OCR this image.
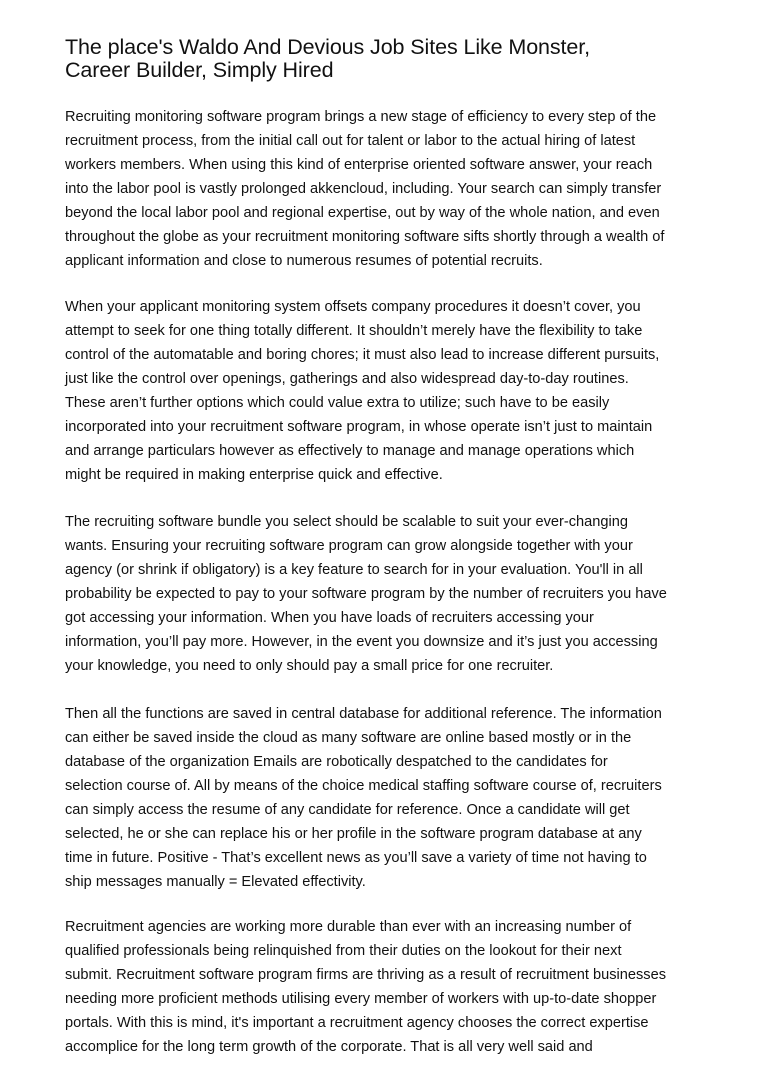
The place's Waldo And Devious Job Sites Like Monster,
Career Builder, Simply Hired

Recruiting monitoring software program brings a new stage of efficiency to every step of the
recruitment process, from the initial call out for talent or labor to the actual hiring of latest
workers members. When using this kind of enterprise oriented software answer, your reach
into the labor pool is vastly prolonged akkencloud, including. Your search can simply transfer
beyond the local labor pool and regional expertise, out by way of the whole nation, and even
throughout the globe as your recruitment monitoring software sifts shortly through a wealth of
applicant information and close to numerous resumes of potential recruits.

When your applicant monitoring system offsets company procedures it doesn’t cover, you
attempt to seek for one thing totally different. It shouldn’t merely have the flexibility to take
control of the automatable and boring chores; it must also lead to increase different pursuits,
just like the control over openings, gatherings and also widespread day-to-day routines.
These aren’t further options which could value extra to utilize; such have to be easily
incorporated into your recruitment software program, in whose operate isn’t just to maintain
and arrange particulars however as effectively to manage and manage operations which
might be required in making enterprise quick and effective.

The recruiting software bundle you select should be scalable to suit your ever-changing
wants. Ensuring your recruiting software program can grow alongside together with your
agency (or shrink if obligatory) is a key feature to search for in your evaluation. You'll in all
probability be expected to pay to your software program by the number of recruiters you have
got accessing your information. When you have loads of recruiters accessing your
information, you’ll pay more. However, in the event you downsize and it’s just you accessing
your knowledge, you need to only should pay a small price for one recruiter.

Then all the functions are saved in central database for additional reference. The information
can either be saved inside the cloud as many software are online based mostly or in the
database of the organization Emails are robotically despatched to the candidates for
selection course of. All by means of the choice medical staffing software course of, recruiters
can simply access the resume of any candidate for reference. Once a candidate will get
selected, he or she can replace his or her profile in the software program database at any
time in future. Positive - That’s excellent news as you’ll save a variety of time not having to
ship messages manually = Elevated effectivity.

Recruitment agencies are working more durable than ever with an increasing number of
qualified professionals being relinquished from their duties on the lookout for their next
submit. Recruitment software program firms are thriving as a result of recruitment businesses
needing more proficient methods utilising every member of workers with up-to-date shopper
portals. With this is mind, it's important a recruitment agency chooses the correct expertise
accomplice for the long term growth of the corporate. That is all very well said and
